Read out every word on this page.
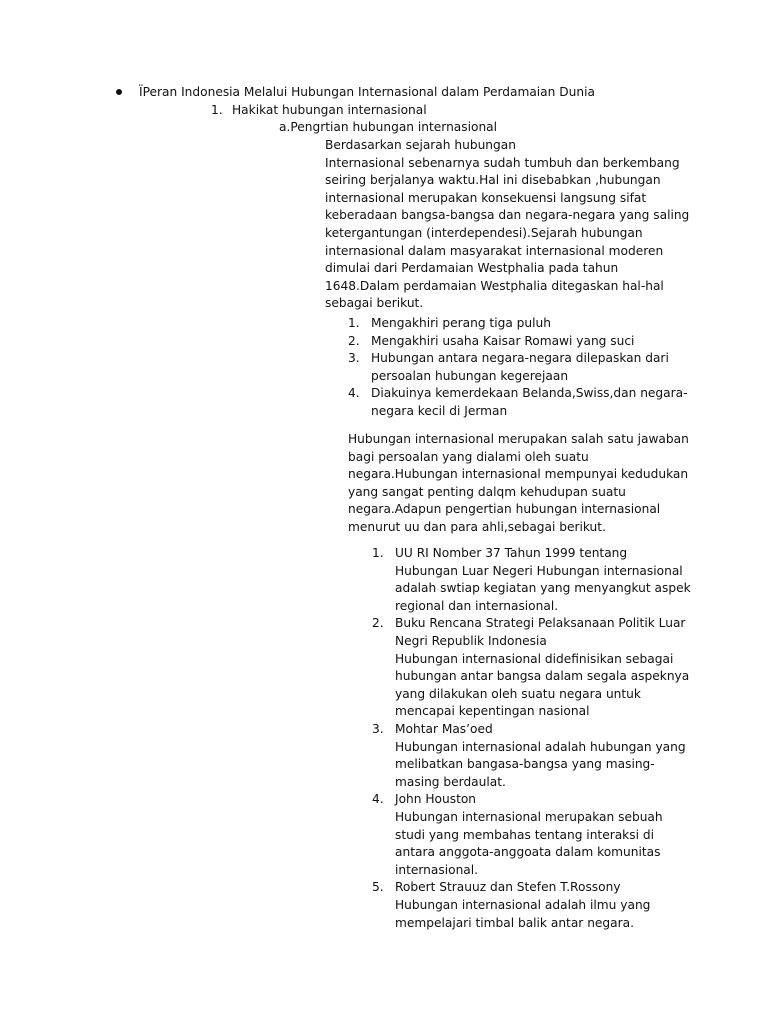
ÏPeran Indonesia Melalui Hubungan Internasional dalam Perdamaian Dunia
1. Hakikat hubungan internasional
a.Pengrtian hubungan internasional
Berdasarkan sejarah hubungan
Internasional sebenarnya sudah tumbuh dan berkembang
seiring berjalanya waktu.Hal ini disebabkan ,hubungan
internasional merupakan konsekuensi langsung sifat
keberadaan bangsa-bangsa dan negara-negara yang saling
ketergantungan (interdependesi).Sejarah hubungan
internasional dalam masyarakat internasional moderen
dimulai dari Perdamaian Westphalia pada tahun
1648.Dalam perdamaian Westphalia ditegaskan hal-hal
sebagai berikut.
1. Mengakhiri perang tiga puluh
2. Mengakhiri usaha Kaisar Romawi yang suci
3. Hubungan antara negara-negara dilepaskan dari
persoalan hubungan kegerejaan
4. Diakuinya kemerdekaan Belanda,Swiss,dan negara-
negara kecil di Jerman
Hubungan internasional merupakan salah satu jawaban
bagi persoalan yang dialami oleh suatu
negara.Hubungan internasional mempunyai kedudukan
yang sangat penting dalqm kehudupan suatu
negara.Adapun pengertian hubungan internasional
menurut uu dan para ahli,sebagai berikut.
1. UU RI Nomber 37 Tahun 1999 tentang
Hubungan Luar Negeri Hubungan internasional
adalah swtiap kegiatan yang menyangkut aspek
regional dan internasional.
2. Buku Rencana Strategi Pelaksanaan Politik Luar
Negri Republik Indonesia
Hubungan internasional didefinisikan sebagai
hubungan antar bangsa dalam segala aspeknya
yang dilakukan oleh suatu negara untuk
mencapai kepentingan nasional
3. Mohtar Mas’oed
Hubungan internasional adalah hubungan yang
melibatkan bangasa-bangsa yang masing-
masing berdaulat.
4. John Houston
Hubungan internasional merupakan sebuah
studi yang membahas tentang interaksi di
antara anggota-anggoata dalam komunitas
internasional.
5. Robert Strauuz dan Stefen T.Rossony
Hubungan internasional adalah ilmu yang
mempelajari timbal balik antar negara.
